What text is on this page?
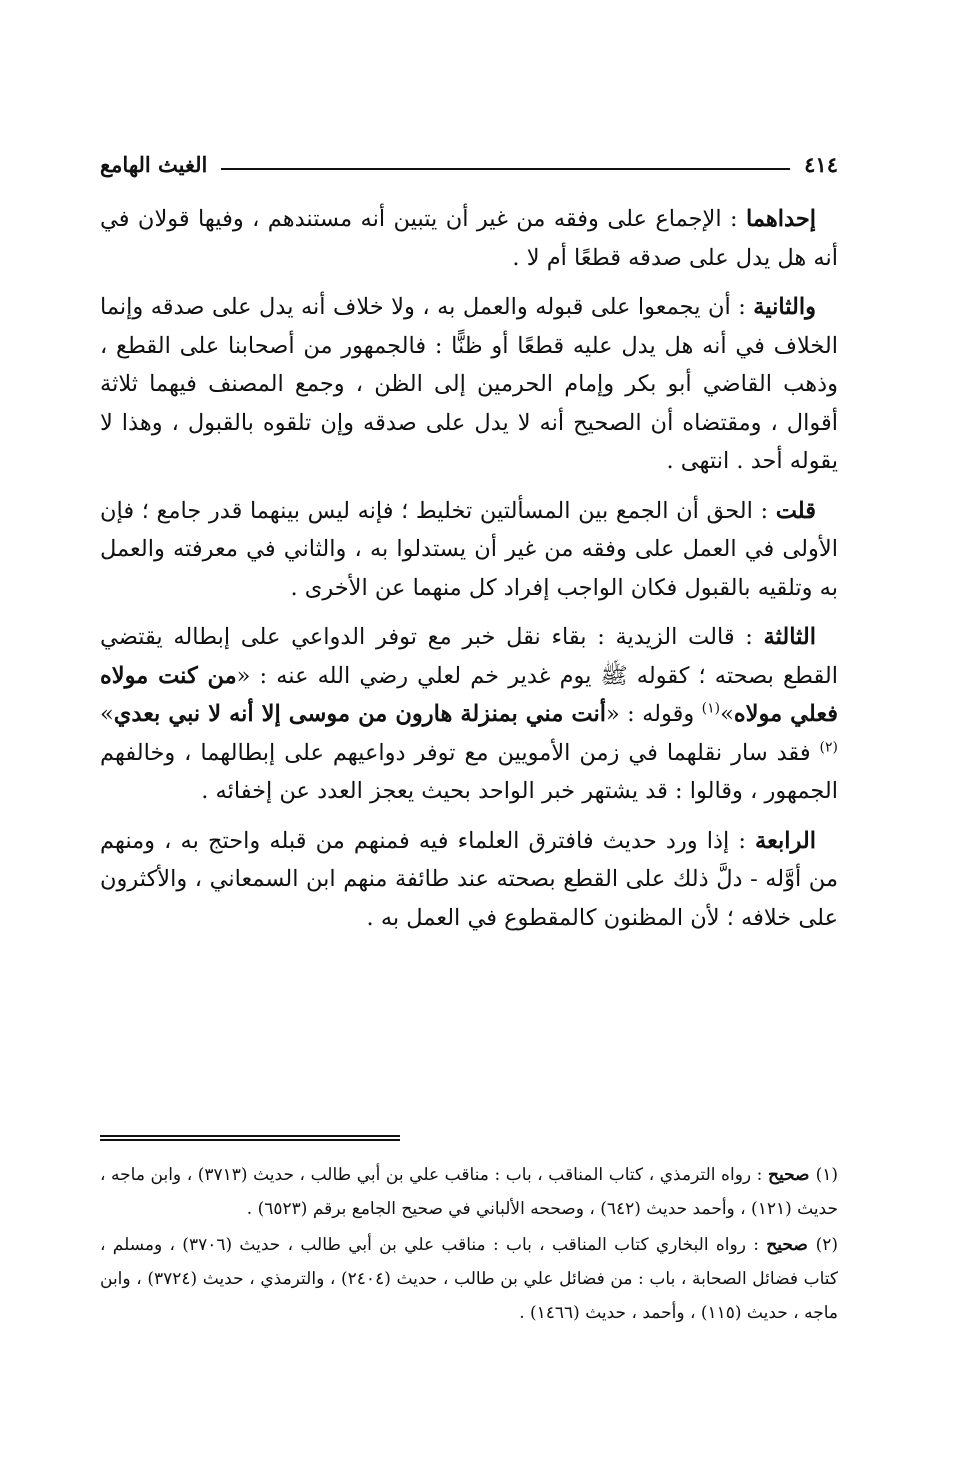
٤١٤
الغيث الهامع

إحداهما : الإجماع على وفقه من غير أن يتبين أنه مستندهم ، وفيها قولان في أنه هل يدل على صدقه قطعًا أم لا .

والثانية : أن يجمعوا على قبوله والعمل به ، ولا خلاف أنه يدل على صدقه وإنما الخلاف في أنه هل يدل عليه قطعًا أو ظنًّا : فالجمهور من أصحابنا على القطع ، وذهب القاضي أبو بكر وإمام الحرمين إلى الظن ، وجمع المصنف فيهما ثلاثة أقوال ، ومقتضاه أن الصحيح أنه لا يدل على صدقه وإن تلقوه بالقبول ، وهذا لا يقوله أحد . انتهى .

قلت : الحق أن الجمع بين المسألتين تخليط ؛ فإنه ليس بينهما قدر جامع ؛ فإن الأولى في العمل على وفقه من غير أن يستدلوا به ، والثاني في معرفته والعمل به وتلقيه بالقبول فكان الواجب إفراد كل منهما عن الأخرى .

الثالثة : قالت الزيدية : بقاء نقل خبر مع توفر الدواعي على إبطاله يقتضي القطع بصحته ؛ كقوله ﷺ يوم غدير خم لعلي رضي الله عنه : «من كنت مولاه فعلي مولاه»$^{(١)}$ وقوله : «أنت مني بمنزلة هارون من موسى إلا أنه لا نبي بعدي» $^{(٢)}$ فقد سار نقلهما في زمن الأمويين مع توفر دواعيهم على إبطالهما ، وخالفهم الجمهور ، وقالوا : قد يشتهر خبر الواحد بحيث يعجز العدد عن إخفائه .

الرابعة : إذا ورد حديث فافترق العلماء فيه فمنهم من قبله واحتج به ، ومنهم من أوَّله - دلَّ ذلك على القطع بصحته عند طائفة منهم ابن السمعاني ، والأكثرون على خلافه ؛ لأن المظنون كالمقطوع في العمل به .

(١) صحيح : رواه الترمذي ، كتاب المناقب ، باب : مناقب علي بن أبي طالب ، حديث (٣٧١٣) ، وابن ماجه ، حديث (١٢١) ، وأحمد حديث (٦٤٢) ، وصححه الألباني في صحيح الجامع برقم (٦٥٢٣) .

(٢) صحيح : رواه البخاري كتاب المناقب ، باب : مناقب علي بن أبي طالب ، حديث (٣٧٠٦) ، ومسلم ، كتاب فضائل الصحابة ، باب : من فضائل علي بن طالب ، حديث (٢٤٠٤) ، والترمذي ، حديث (٣٧٢٤) ، وابن ماجه ، حديث (١١٥) ، وأحمد ، حديث (١٤٦٦) .
